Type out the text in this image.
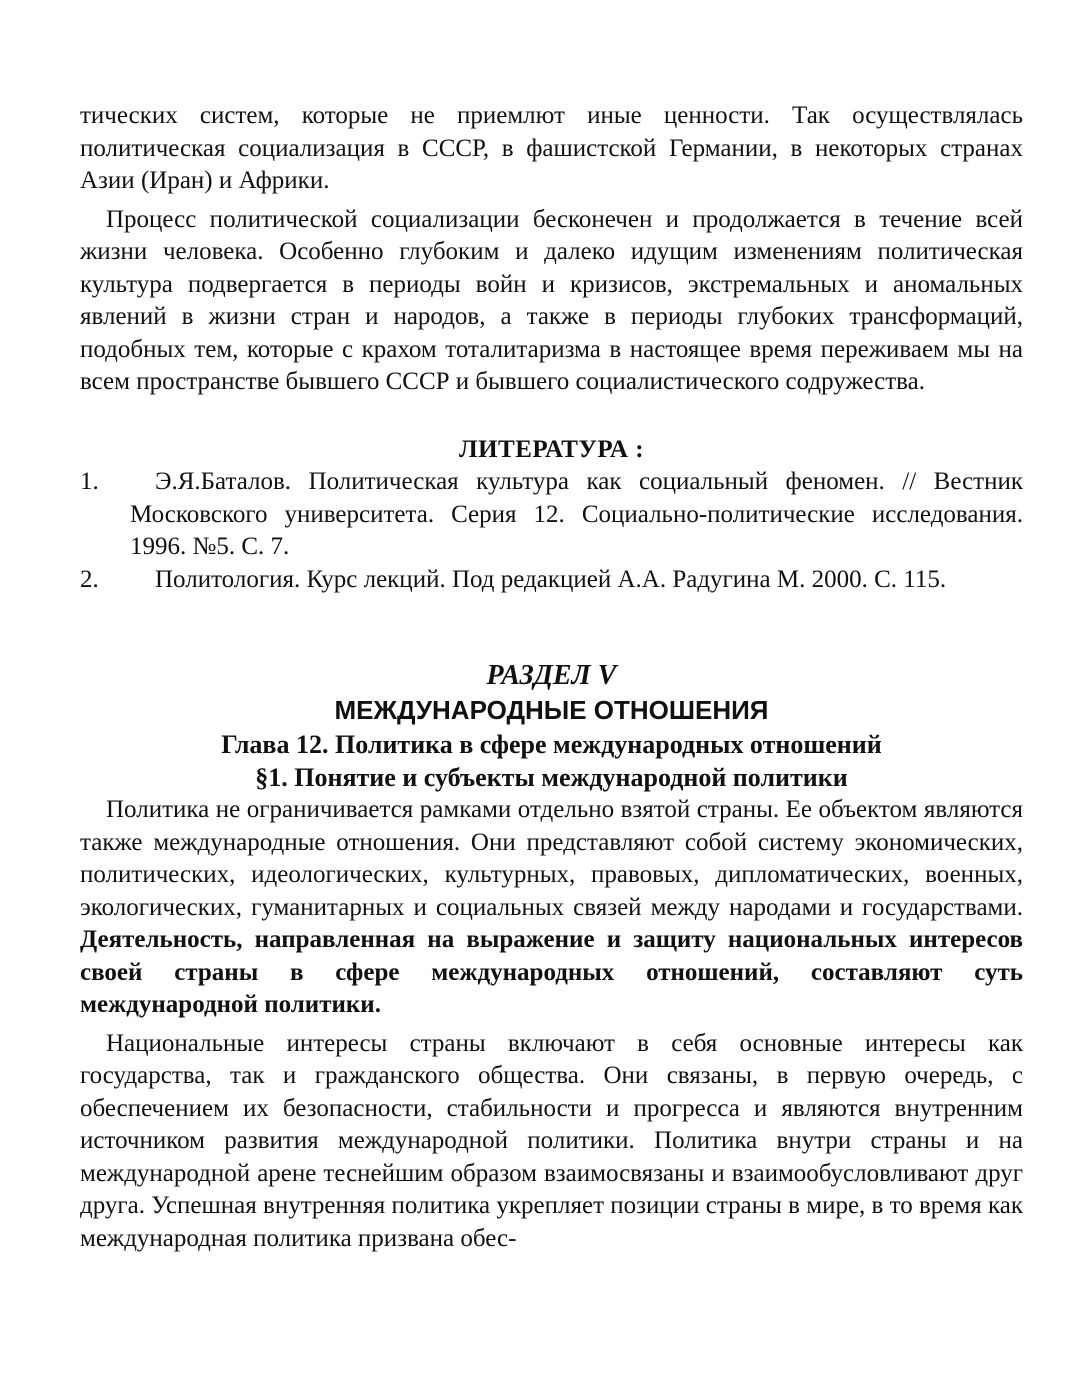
тических систем, которые не приемлют иные ценности. Так осуществлялась политическая социализация в СССР, в фашистской Германии, в некоторых странах Азии (Иран) и Африки.

Процесс политической социализации бесконечен и продолжается в течение всей жизни человека. Особенно глубоким и далеко идущим изменениям политическая культура подвергается в периоды войн и кризисов, экстремальных и аномальных явлений в жизни стран и народов, а также в периоды глубоких трансформаций, подобных тем, которые с крахом тоталитаризма в настоящее время переживаем мы на всем пространстве бывшего СССР и бывшего социалистического содружества.

ЛИТЕРАТУРА :
1.	Э.Я.Баталов. Политическая культура как социальный феномен. // Вестник Московского университета. Серия 12. Социально-политические исследования. 1996. №5. С. 7.
2.	Политология. Курс лекций. Под редакцией А.А. Радугина М. 2000. С. 115.
РАЗДЕЛ V
МЕЖДУНАРОДНЫЕ ОТНОШЕНИЯ
Глава 12. Политика в сфере международных отношений
§1. Понятие и субъекты международной политики

Политика не ограничивается рамками отдельно взятой страны. Ее объектом являются также международные отношения. Они представляют собой систему экономических, политических, идеологических, культурных, правовых, дипломатических, военных, экологических, гуманитарных и социальных связей между народами и государствами. Деятельность, направленная на выражение и защиту национальных интересов своей страны в сфере международных отношений, составляют суть международной политики.

Национальные интересы страны включают в себя основные интересы как государства, так и гражданского общества. Они связаны, в первую очередь, с обеспечением их безопасности, стабильности и прогресса и являются внутренним источником развития международной политики. Политика внутри страны и на международной арене теснейшим образом взаимосвязаны и взаимообусловливают друг друга. Успешная внутренняя политика укрепляет позиции страны в мире, в то время как международная политика призвана обес-
